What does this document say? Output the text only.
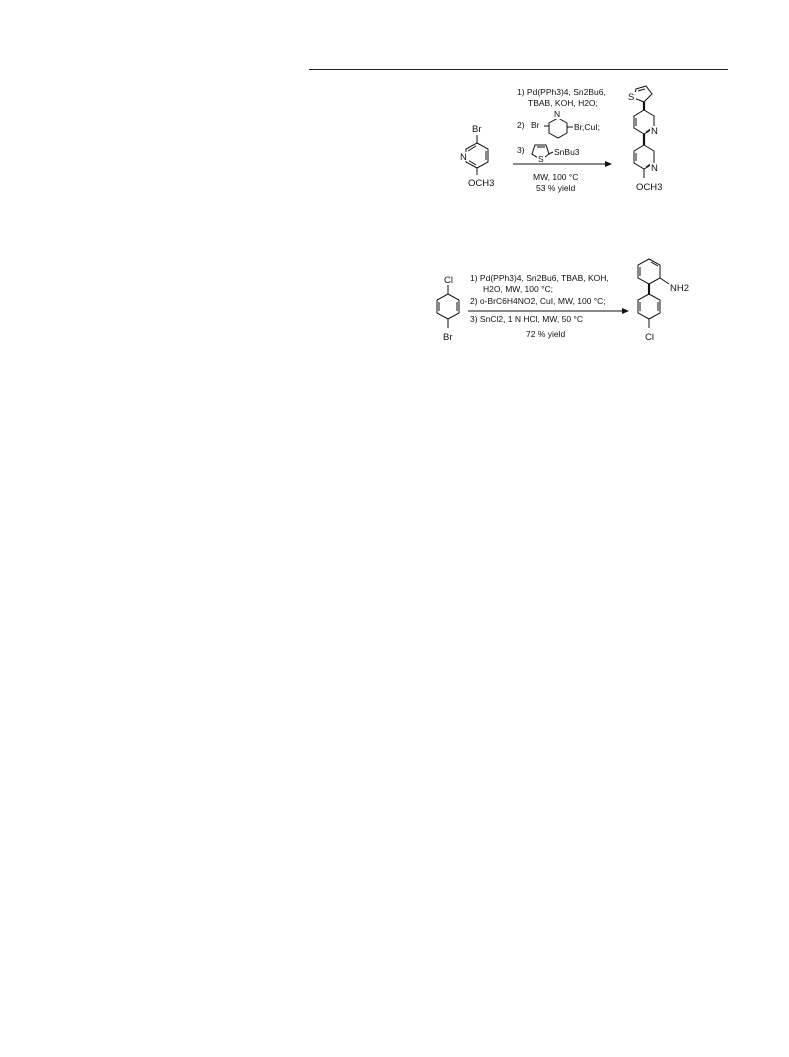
Br
N
OCH3
1) Pd(PPh3)4, Sn2Bu6,
TBAB, KOH, H2O;
2) Br
N
Br,CuI;
3)
S
SnBu3
MW, 100 °C
53 % yield
S
N
N
OCH3
Cl
Br
1) Pd(PPh3)4, Sn2Bu6, TBAB, KOH,
H2O, MW, 100 °C;
2) o-BrC6H4NO2, CuI, MW, 100 °C;
3) SnCl2, 1 N HCl, MW, 50 °C
72 % yield
NH2
Cl
